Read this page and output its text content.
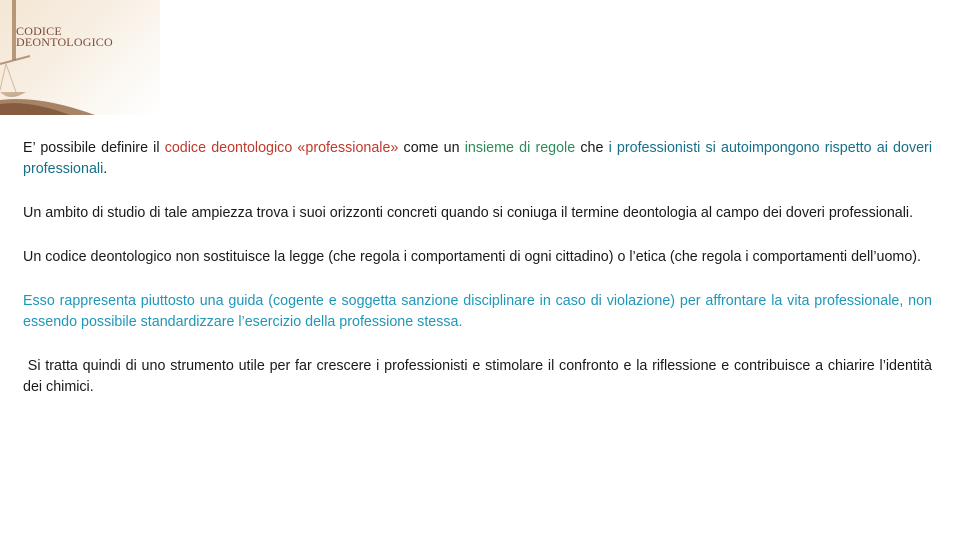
CODICE
DEONTOLOGICO

E’ possibile definire il codice deontologico «professionale» come un insieme di regole che i professionisti si autoimpongono rispetto ai doveri professionali.

Un ambito di studio di tale ampiezza trova i suoi orizzonti concreti quando si coniuga il termine deontologia al campo dei doveri professionali.

Un codice deontologico non sostituisce la legge (che regola i comportamenti di ogni cittadino) o l’etica (che regola i comportamenti dell’uomo).

Esso rappresenta piuttosto una guida (cogente e soggetta sanzione disciplinare in caso di violazione) per affrontare la vita professionale, non essendo possibile standardizzare l’esercizio della professione stessa.

Si tratta quindi di uno strumento utile per far crescere i professionisti e stimolare il confronto e la riflessione e contribuisce a chiarire l’identità dei chimici.
